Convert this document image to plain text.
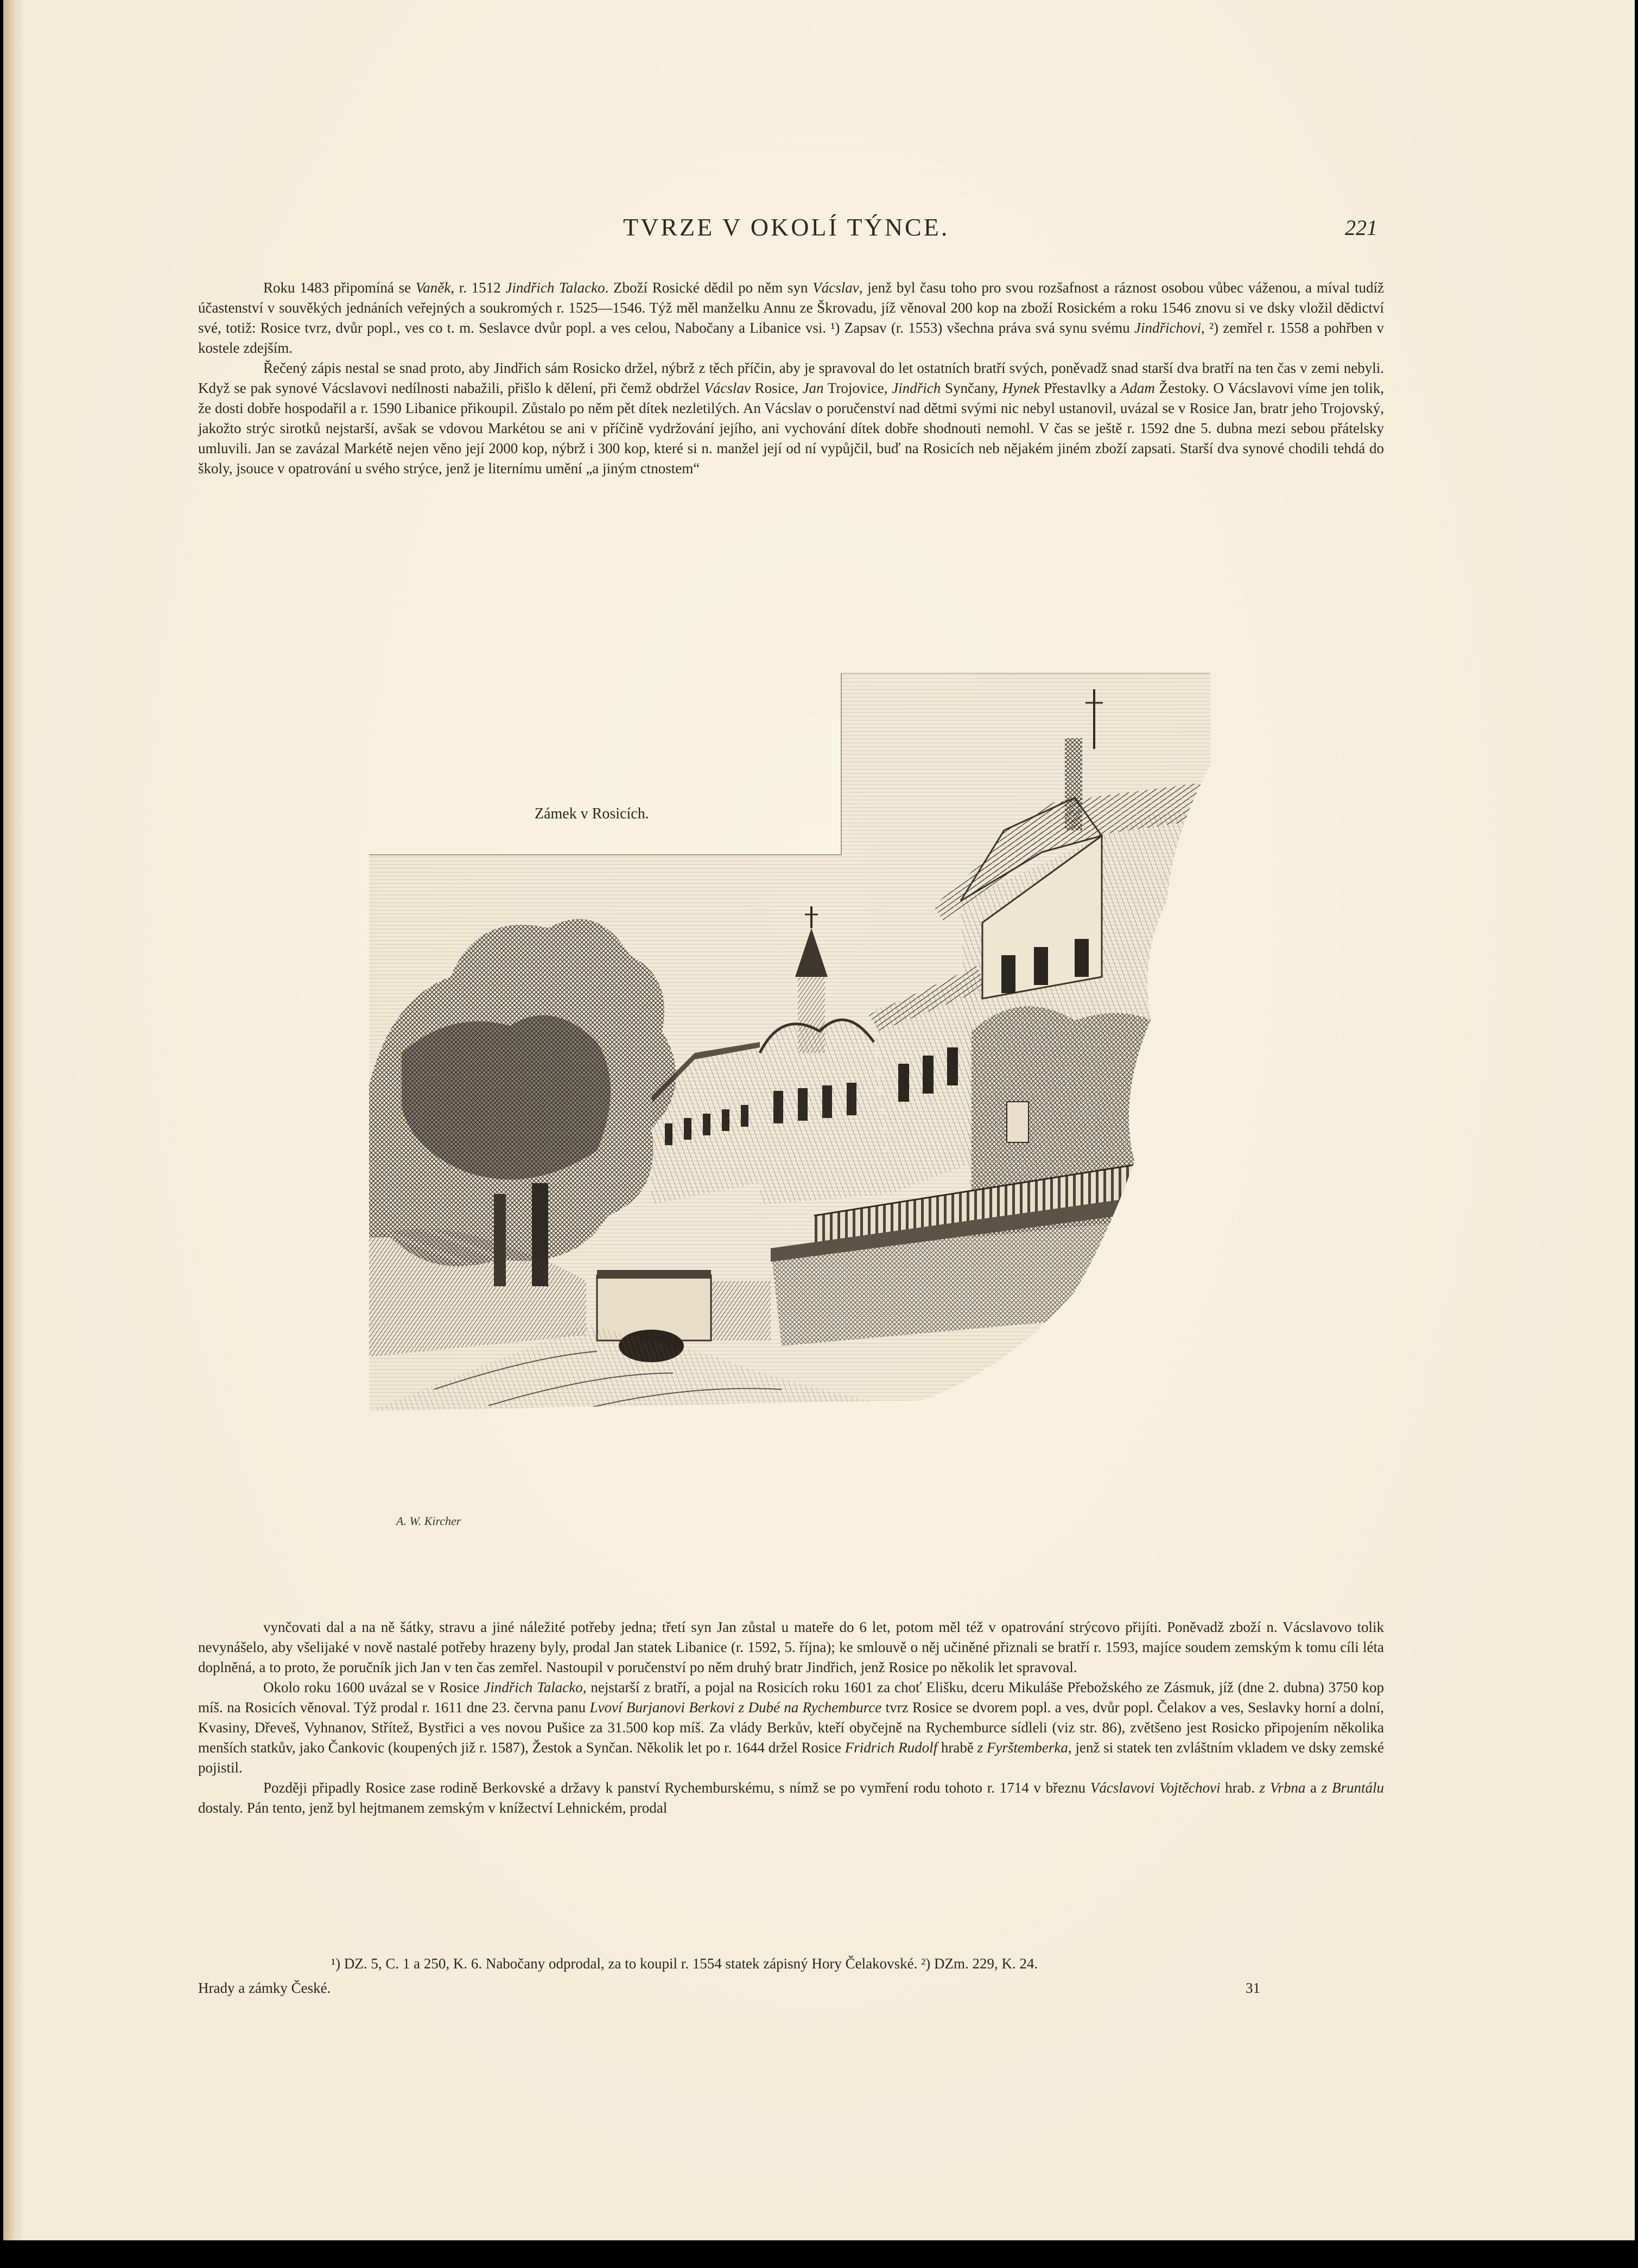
TVRZE V OKOLÍ TÝNCE.	221

Roku 1483 připomíná se Vaněk, r. 1512 Jindřich Talacko. Zboží Rosické dědil po něm syn Vácslav, jenž byl času toho pro svou rozšafnost a ráznost osobou vůbec váženou, a míval tudíž účastenství v souvěkých jednáních veřejných a soukromých r. 1525—1546. Týž měl manželku Annu ze Škrovadu, jíž věnoval 200 kop na zboží Rosickém a roku 1546 znovu si ve dsky vložil dědictví své, totiž: Rosice tvrz, dvůr popl., ves co t. m. Seslavce dvůr popl. a ves celou, Nabočany a Libanice vsi. ¹) Zapsav (r. 1553) všechna práva svá synu svému Jindřichovi, ²) zemřel r. 1558 a pohřben v kostele zdejším.

Řečený zápis nestal se snad proto, aby Jindřich sám Rosicko držel, nýbrž z těch příčin, aby je spravoval do let ostatních bratří svých, poněvadž snad starší dva bratří na ten čas v zemi nebyli. Když se pak synové Vácslavovi nedílnosti nabažili, přišlo k dělení, při čemž obdržel Vácslav Rosice, Jan Trojovice, Jindřich Synčany, Hynek Přestavlky a Adam Žestoky. O Vácslavovi víme jen tolik, že dosti dobře hospodařil a r. 1590 Libanice přikoupil. Zůstalo po něm pět dítek nezletilých. An Vácslav o poručenství nad dětmi svými nic nebyl ustanovil, uvázal se v Rosice Jan, bratr jeho Trojovský, jakožto strýc sirotků nejstarší, avšak se vdovou Markétou se ani v příčině vydržování jejího, ani vychování dítek dobře shodnouti nemohl. V čas se ještě r. 1592 dne 5. dubna mezi sebou přátelsky umluvili. Jan se zavázal Markétě nejen věno její 2000 kop, nýbrž i 300 kop, které si n. manžel její od ní vypůjčil, buď na Rosicích neb nějakém jiném zboží zapsati. Starší dva synové chodili tehdá do školy, jsouce v opatrování u svého strýce, jenž je liternímu umění „a jiným ctnostem“

Zámek v Rosicích.
A. W. Kircher

vynčovati dal a na ně šátky, stravu a jiné náležité potřeby jedna; třetí syn Jan zůstal u mateře do 6 let, potom měl též v opatrování strýcovo přijíti. Poněvadž zboží n. Vácslavovo tolik nevynášelo, aby všelijaké v nově nastalé potřeby hrazeny byly, prodal Jan statek Libanice (r. 1592, 5. října); ke smlouvě o něj učiněné přiznali se bratří r. 1593, majíce soudem zemským k tomu cíli léta doplněná, a to proto, že poručník jich Jan v ten čas zemřel. Nastoupil v poručenství po něm druhý bratr Jindřich, jenž Rosice po několik let spravoval.

Okolo roku 1600 uvázal se v Rosice Jindřich Talacko, nejstarší z bratří, a pojal na Rosicích roku 1601 za choť Elišku, dceru Mikuláše Přebožského ze Zásmuk, jíž (dne 2. dubna) 3750 kop míš. na Rosicích věnoval. Týž prodal r. 1611 dne 23. června panu Lvoví Burjanovi Berkovi z Dubé na Rychemburce tvrz Rosice se dvorem popl. a ves, dvůr popl. Čelakov a ves, Seslavky horní a dolní, Kvasiny, Dřeveš, Vyhnanov, Střítež, Bystřici a ves novou Pušice za 31.500 kop míš. Za vlády Berkův, kteří obyčejně na Rychemburce sídleli (viz str. 86), zvětšeno jest Rosicko připojením několika menších statkův, jako Čankovic (koupených již r. 1587), Žestok a Synčan. Několik let po r. 1644 držel Rosice Fridrich Rudolf hrabě z Fyrštemberka, jenž si statek ten zvláštním vkladem ve dsky zemské pojistil.

Později připadly Rosice zase rodině Berkovské a državy k panství Rychemburskému, s nímž se po vymření rodu tohoto r. 1714 v březnu Vácslavovi Vojtěchovi hrab. z Vrbna a z Bruntálu dostaly. Pán tento, jenž byl hejtmanem zemským v knížectví Lehnickém, prodal

¹) DZ. 5, C. 1 a 250, K. 6. Nabočany odprodal, za to koupil r. 1554 statek zápisný Hory Čelakovské. ²) DZm. 229, K. 24.
Hrady a zámky České.	31
